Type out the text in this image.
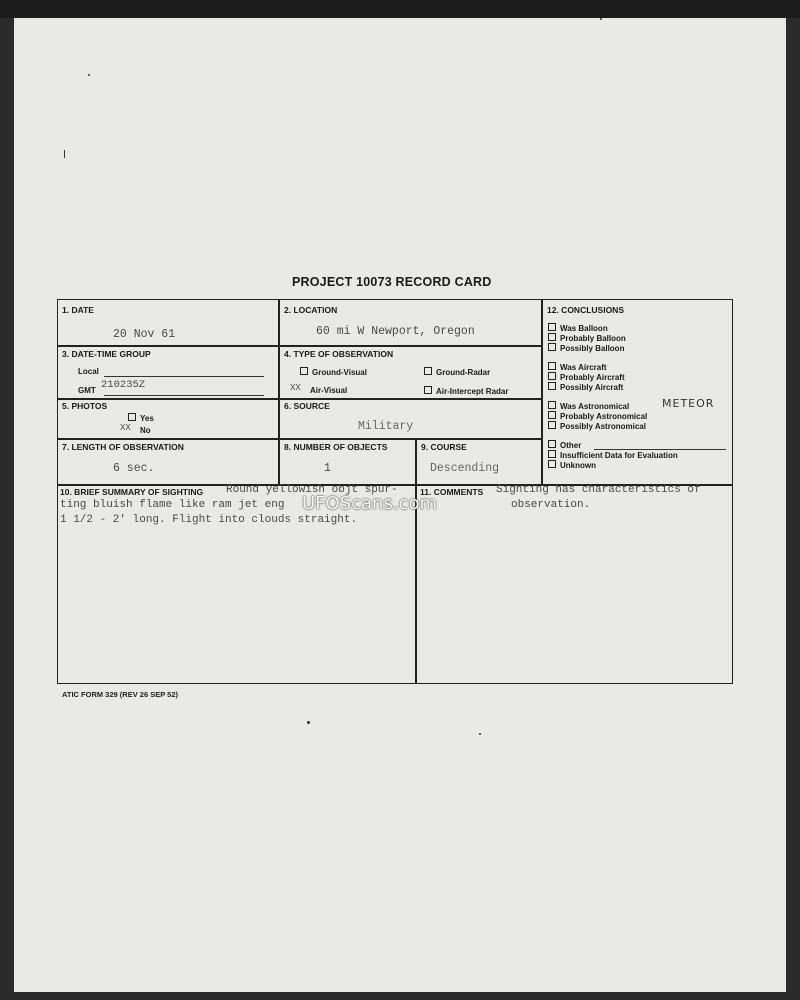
PROJECT 10073 RECORD CARD
1. DATE
20 Nov 61
2. LOCATION
60 mi W Newport, Oregon
3. DATE-TIME GROUP
Local
GMT 210235Z
4. TYPE OF OBSERVATION
Ground-Visual	Ground-Radar
XX Air-Visual	Air-Intercept Radar
5. PHOTOS
Yes
XX No
6. SOURCE
Military
7. LENGTH OF OBSERVATION
6 sec.
8. NUMBER OF OBJECTS
1
9. COURSE
Descending
12. CONCLUSIONS
Was Balloon
Probably Balloon
Possibly Balloon
Was Aircraft
Probably Aircraft
Possibly Aircraft
Was Astronomical	METEOR
Probably Astronomical
Possibly Astronomical
Other
Insufficient Data for Evaluation
Unknown
10. BRIEF SUMMARY OF SIGHTING Round yellowish objt spur-
ting bluish flame like ram jet eng
1 1/2 - 2' long. Flight into clouds straight.
11. COMMENTS Sighting has characteristics of
observation.
UFOScans.com
ATIC FORM 329 (REV 26 SEP 52)
